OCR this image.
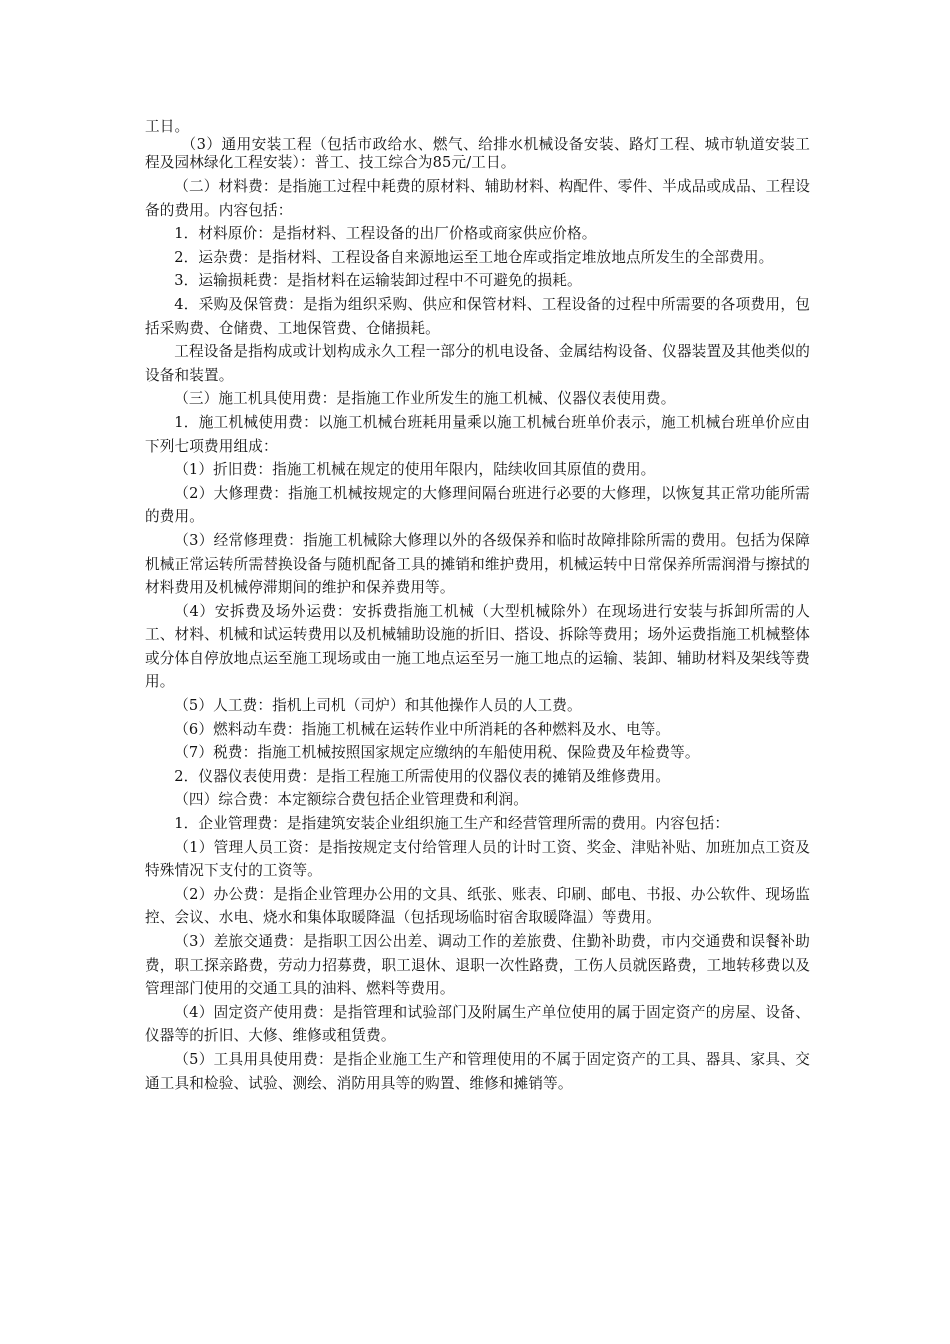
工日。

（3）通用安装工程（包括市政给水、燃气、给排水机械设备安装、路灯工程、城市轨道安装工程及园林绿化工程安装）：普工、技工综合为85元/工日。

（二）材料费：是指施工过程中耗费的原材料、辅助材料、构配件、零件、半成品或成品、工程设备的费用。内容包括：

1．材料原价：是指材料、工程设备的出厂价格或商家供应价格。

2．运杂费：是指材料、工程设备自来源地运至工地仓库或指定堆放地点所发生的全部费用。

3．运输损耗费：是指材料在运输装卸过程中不可避免的损耗。

4．采购及保管费：是指为组织采购、供应和保管材料、工程设备的过程中所需要的各项费用，包括采购费、仓储费、工地保管费、仓储损耗。

工程设备是指构成或计划构成永久工程一部分的机电设备、金属结构设备、仪器装置及其他类似的设备和装置。

（三）施工机具使用费：是指施工作业所发生的施工机械、仪器仪表使用费。

1．施工机械使用费：以施工机械台班耗用量乘以施工机械台班单价表示，施工机械台班单价应由下列七项费用组成：

（1）折旧费：指施工机械在规定的使用年限内，陆续收回其原值的费用。

（2）大修理费：指施工机械按规定的大修理间隔台班进行必要的大修理，以恢复其正常功能所需的费用。

（3）经常修理费：指施工机械除大修理以外的各级保养和临时故障排除所需的费用。包括为保障机械正常运转所需替换设备与随机配备工具的摊销和维护费用，机械运转中日常保养所需润滑与擦拭的材料费用及机械停滞期间的维护和保养费用等。

（4）安拆费及场外运费：安拆费指施工机械（大型机械除外）在现场进行安装与拆卸所需的人工、材料、机械和试运转费用以及机械辅助设施的折旧、搭设、拆除等费用；场外运费指施工机械整体或分体自停放地点运至施工现场或由一施工地点运至另一施工地点的运输、装卸、辅助材料及架线等费用。

（5）人工费：指机上司机（司炉）和其他操作人员的人工费。

（6）燃料动车费：指施工机械在运转作业中所消耗的各种燃料及水、电等。

（7）税费：指施工机械按照国家规定应缴纳的车船使用税、保险费及年检费等。

2．仪器仪表使用费：是指工程施工所需使用的仪器仪表的摊销及维修费用。

（四）综合费：本定额综合费包括企业管理费和利润。

1．企业管理费：是指建筑安装企业组织施工生产和经营管理所需的费用。内容包括：

（1）管理人员工资：是指按规定支付给管理人员的计时工资、奖金、津贴补贴、加班加点工资及特殊情况下支付的工资等。

（2）办公费：是指企业管理办公用的文具、纸张、账表、印刷、邮电、书报、办公软件、现场监控、会议、水电、烧水和集体取暖降温（包括现场临时宿舍取暖降温）等费用。

（3）差旅交通费：是指职工因公出差、调动工作的差旅费、住勤补助费，市内交通费和误餐补助费，职工探亲路费，劳动力招募费，职工退休、退职一次性路费，工伤人员就医路费，工地转移费以及管理部门使用的交通工具的油料、燃料等费用。

（4）固定资产使用费：是指管理和试验部门及附属生产单位使用的属于固定资产的房屋、设备、仪器等的折旧、大修、维修或租赁费。

（5）工具用具使用费：是指企业施工生产和管理使用的不属于固定资产的工具、器具、家具、交通工具和检验、试验、测绘、消防用具等的购置、维修和摊销等。
